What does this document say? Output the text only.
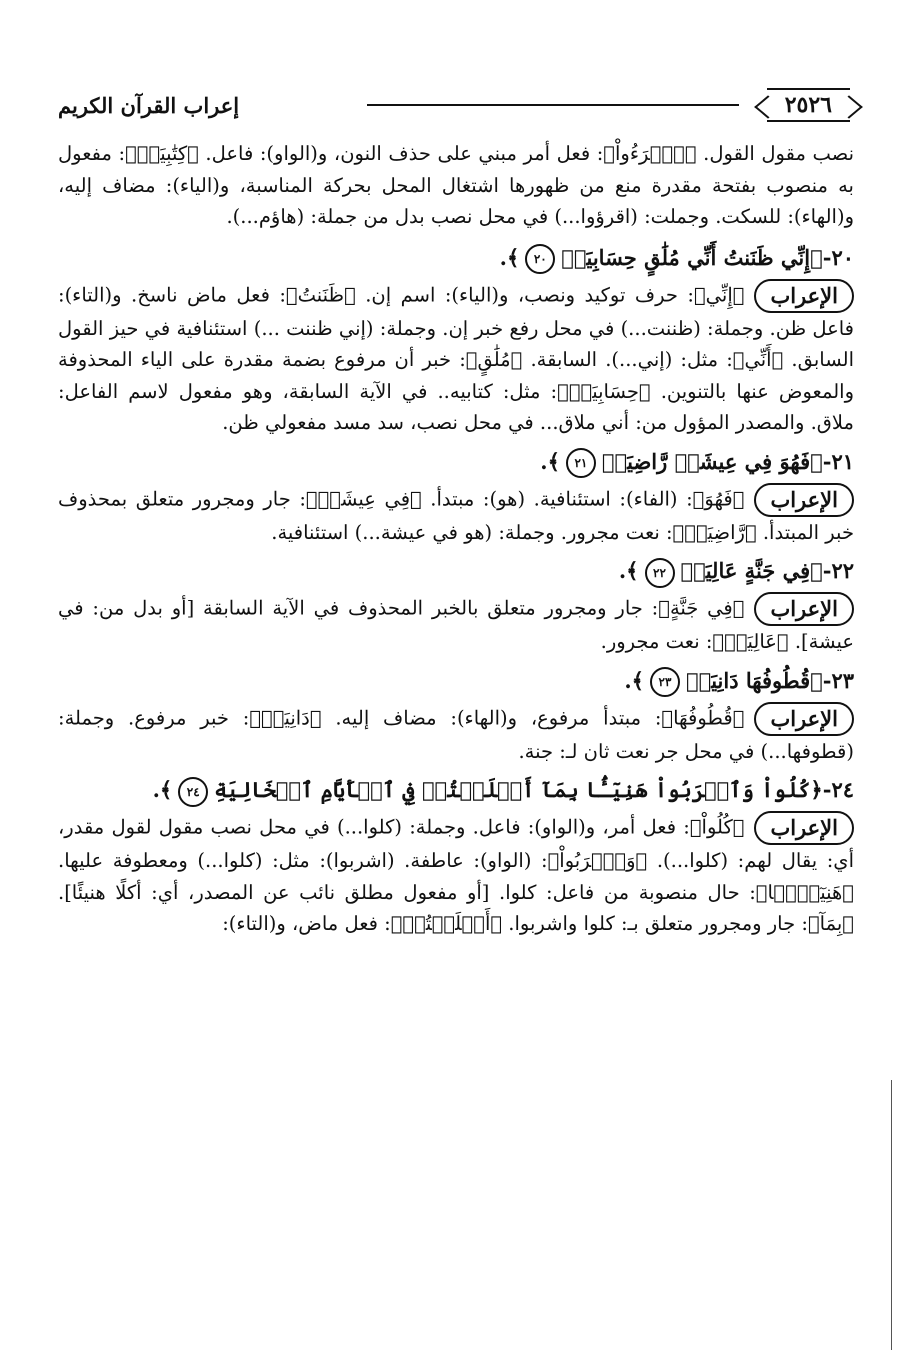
٢٥٢٦
إعراب القرآن الكريم

نصب مقول القول. ﴿ٱقۡرَءُواْ﴾: فعل أمر مبني على حذف النون، و(الواو): فاعل. ﴿كِتَٰبِيَهۡ﴾: مفعول به منصوب بفتحة مقدرة منع من ظهورها اشتغال المحل بحركة المناسبة، و(الياء): مضاف إليه، و(الهاء): للسكت. وجملت: (اقرؤوا...) في محل نصب بدل من جملة: (هاؤم...).

٢٠-﴿إِنِّي ظَنَنتُ أَنِّي مُلَٰقٍ حِسَابِيَهۡ٢٠﴾.

الإعراب﴿إِنِّي﴾: حرف توكيد ونصب، و(الياء): اسم إن. ﴿ظَنَنتُ﴾: فعل ماض ناسخ. و(التاء): فاعل ظن. وجملة: (ظننت...) في محل رفع خبر إن. وجملة: (إني ظننت ...) استئنافية في حيز القول السابق. ﴿أَنِّي﴾: مثل: (إني...). السابقة. ﴿مُلَٰقٍ﴾: خبر أن مرفوع بضمة مقدرة على الياء المحذوفة والمعوض عنها بالتنوين. ﴿حِسَابِيَهۡ﴾: مثل: كتابيه.. في الآية السابقة، وهو مفعول لاسم الفاعل: ملاق. والمصدر المؤول من: أني ملاق... في محل نصب، سد مسد مفعولي ظن.

٢١-﴿فَهُوَ فِي عِيشَةٖ رَّاضِيَةٖ٢١﴾.

الإعراب﴿فَهُوَ﴾: (الفاء): استئنافية. (هو): مبتدأ. ﴿فِي عِيشَةٖ﴾: جار ومجرور متعلق بمحذوف خبر المبتدأ. ﴿رَّاضِيَةٖ﴾: نعت مجرور. وجملة: (هو في عيشة...) استئنافية.

٢٢-﴿فِي جَنَّةٍ عَالِيَةٖ٢٢﴾.

الإعراب﴿فِي جَنَّةٍ﴾: جار ومجرور متعلق بالخبر المحذوف في الآية السابقة [أو بدل من: في عيشة]. ﴿عَالِيَةٖ﴾: نعت مجرور.

٢٣-﴿قُطُوفُهَا دَانِيَةٞ٢٣﴾.

الإعراب﴿قُطُوفُهَا﴾: مبتدأ مرفوع، و(الهاء): مضاف إليه. ﴿دَانِيَةٞ﴾: خبر مرفوع. وجملة: (قطوفها...) في محل جر نعت ثان لـ: جنة.

٢٤-﴿كُلُواْ وَٱشۡرَبُواْ هَنِيٓـَٔۢا بِمَآ أَسۡلَفۡتُمۡ فِي ٱلۡأَيَّامِ ٱلۡخَالِيَةِ٢٤﴾.

الإعراب﴿كُلُواْ﴾: فعل أمر، و(الواو): فاعل. وجملة: (كلوا...) في محل نصب مقول لقول مقدر، أي: يقال لهم: (كلوا...). ﴿وَٱشۡرَبُواْ﴾: (الواو): عاطفة. (اشربوا): مثل: (كلوا...) ومعطوفة عليها. ﴿هَنِيٓـَٔۢا﴾: حال منصوبة من فاعل: كلوا. [أو مفعول مطلق نائب عن المصدر، أي: أكلًا هنيئًا]. ﴿بِمَآ﴾: جار ومجرور متعلق بـ: كلوا واشربوا. ﴿أَسۡلَفۡتُمۡ﴾: فعل ماض، و(التاء):
